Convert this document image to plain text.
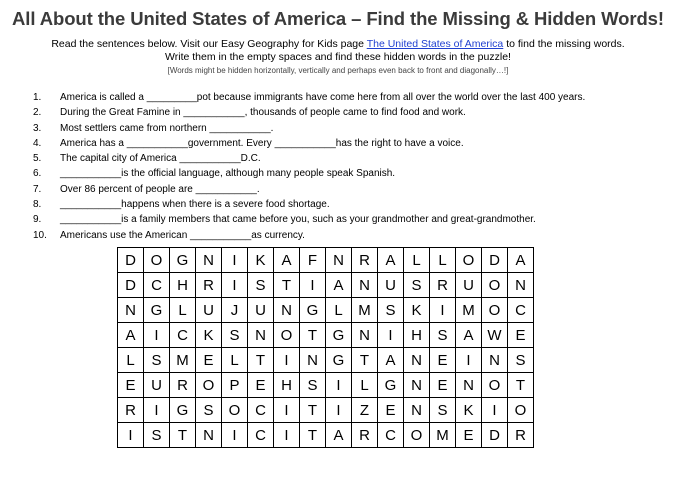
All About the United States of America – Find the Missing & Hidden Words!
Read the sentences below. Visit our Easy Geography for Kids page The United States of America to find the missing words.
Write them in the empty spaces and find these hidden words in the puzzle!
[Words might be hidden horizontally, vertically and perhaps even back to front and diagonally…!]
1. America is called a _________pot because immigrants have come here from all over the world over the last 400 years.
2. During the Great Famine in ___________, thousands of people came to find food and work.
3. Most settlers came from northern ___________.
4. America has a ___________government. Every ___________has the right to have a voice.
5. The capital city of America ___________D.C.
6. ___________is the official language, although many people speak Spanish.
7. Over 86 percent of people are ___________.
8. ___________happens when there is a severe food shortage.
9. ___________is a family members that came before you, such as your grandmother and great-grandmother.
10. Americans use the American ___________as currency.
D	O	G	N	I	K	A	F	N	R	A	L	L	O	D	A
D	C	H	R	I	S	T	I	A	N	U	S	R	U	O	N
N	G	L	U	J	U	N	G	L	M	S	K	I	M	O	C
A	I	C	K	S	N	O	T	G	N	I	H	S	A	W	E
L	S	M	E	L	T	I	N	G	T	A	N	E	I	N	S
E	U	R	O	P	E	H	S	I	L	G	N	E	N	O	T
R	I	G	S	O	C	I	T	I	Z	E	N	S	K	I	O
I	S	T	N	I	C	I	T	A	R	C	O	M	E	D	R
